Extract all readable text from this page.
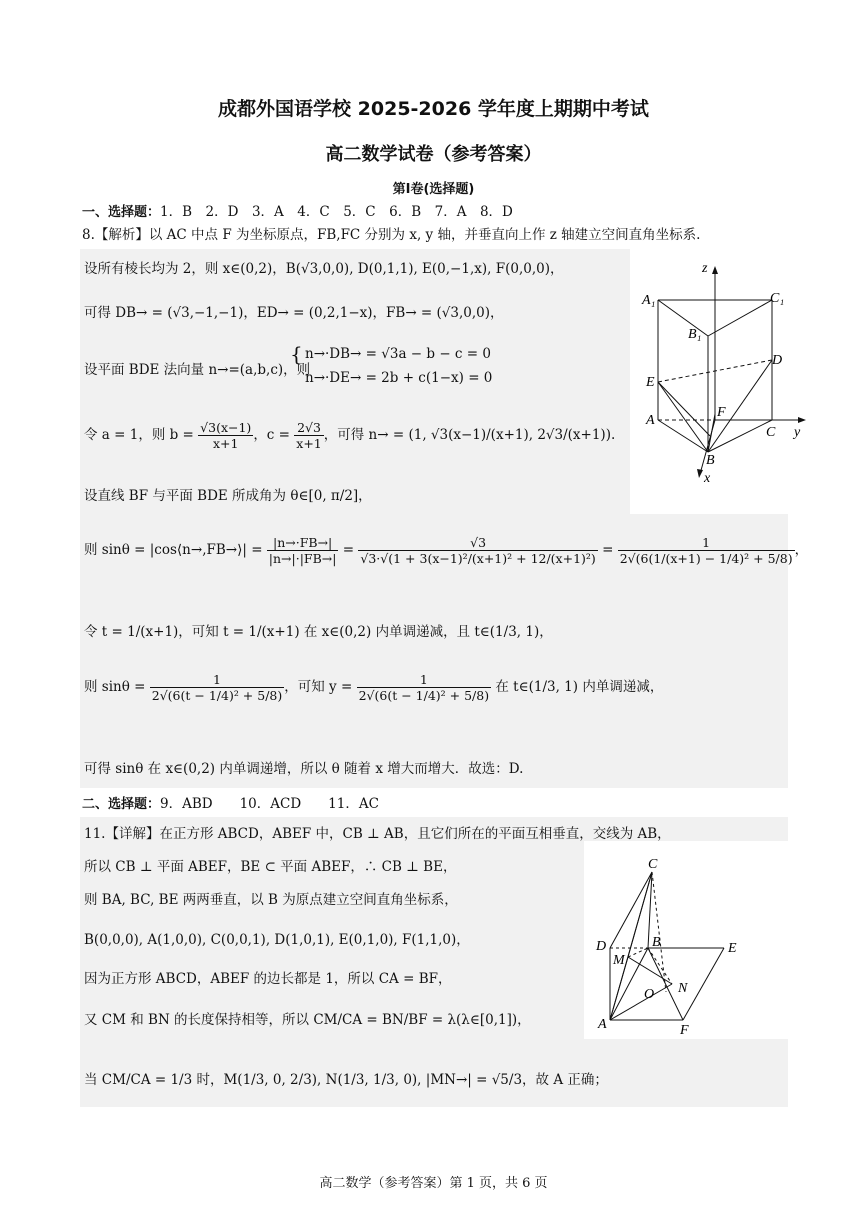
成都外国语学校 2025-2026 学年度上期期中考试
高二数学试卷（参考答案）
第Ⅰ卷(选择题)
一、选择题：1．B　2．D　3．A　4．C　5．C　6．B　7．A　8．D
8.【解析】以 AC 中点 F 为坐标原点，FB,FC 分别为 x, y 轴，并垂直向上作 z 轴建立空间直角坐标系.
设所有棱长均为 2，则 x∈(0,2)，B(√3,0,0), D(0,1,1), E(0,−1,x), F(0,0,0)，
可得 DB→ = (√3,−1,−1)，ED→ = (0,2,1−x)，FB→ = (√3,0,0)，
设平面 BDE 法向量 n→=(a,b,c)，则
{ n→·DB→ = √3a − b − c = 0
n→·DE→ = 2b + c(1−x) = 0
令 a = 1，则 $b = \frac{√3(x-1)}{x+1}$ ，$c = \frac{2√3}{x+1}$ ，可得 n→ = (1, √3(x−1)/(x+1), 2√3/(x+1)).
设直线 BF 与平面 BDE 所成角为 θ∈[0, π/2]，
则 sinθ = |cos⟨n→,FB→⟩| = $\frac{|n\to\cdot FB\to|}{|n\to|\cdot|FB\to|} = \frac{√3}{\text{√3·√(1 + 3(x−1)²/(x+1)² + 12/(x+1)²)}} = \frac{1}{\text{2√(6(1/(x+1) − 1/4)² + 5/8)}}$ ，
令 t = 1/(x+1)，可知 t = 1/(x+1) 在 x∈(0,2) 内单调递减，且 t∈(1/3, 1)，
则 $\sin\theta = \frac{1}{\text{2√(6(t − 1/4)² + 5/8)}}$ ，可知 $y = \frac{1}{\text{2√(6(t − 1/4)² + 5/8)}}$ 在 t∈(1/3, 1) 内单调递减，
可得 sinθ 在 x∈(0,2) 内单调递增，所以 θ 随着 x 增大而增大．故选：D.
z
A₁	C₁
B₁
D
E
F
A
C y
B
x
二、选择题：9．ABD　　10．ACD　　11．AC
11.【详解】在正方形 ABCD，ABEF 中，CB ⊥ AB，且它们所在的平面互相垂直，交线为 AB，
所以 CB ⊥ 平面 ABEF，BE ⊂ 平面 ABEF，∴ CB ⊥ BE，
则 BA, BC, BE 两两垂直，以 B 为原点建立空间直角坐标系，
B(0,0,0), A(1,0,0), C(0,0,1), D(1,0,1), E(0,1,0), F(1,1,0)，
因为正方形 ABCD，ABEF 的边长都是 1，所以 CA = BF，
又 CM 和 BN 的长度保持相等，所以 CM/CA = BN/BF = λ(λ∈[0,1])，
当 CM/CA = 1/3 时，M(1/3, 0, 2/3), N(1/3, 1/3, 0), |MN→| = √5/3，故 A 正确；
C
D	B	E
M
O N
A	F
高二数学（参考答案）第 1 页，共 6 页
